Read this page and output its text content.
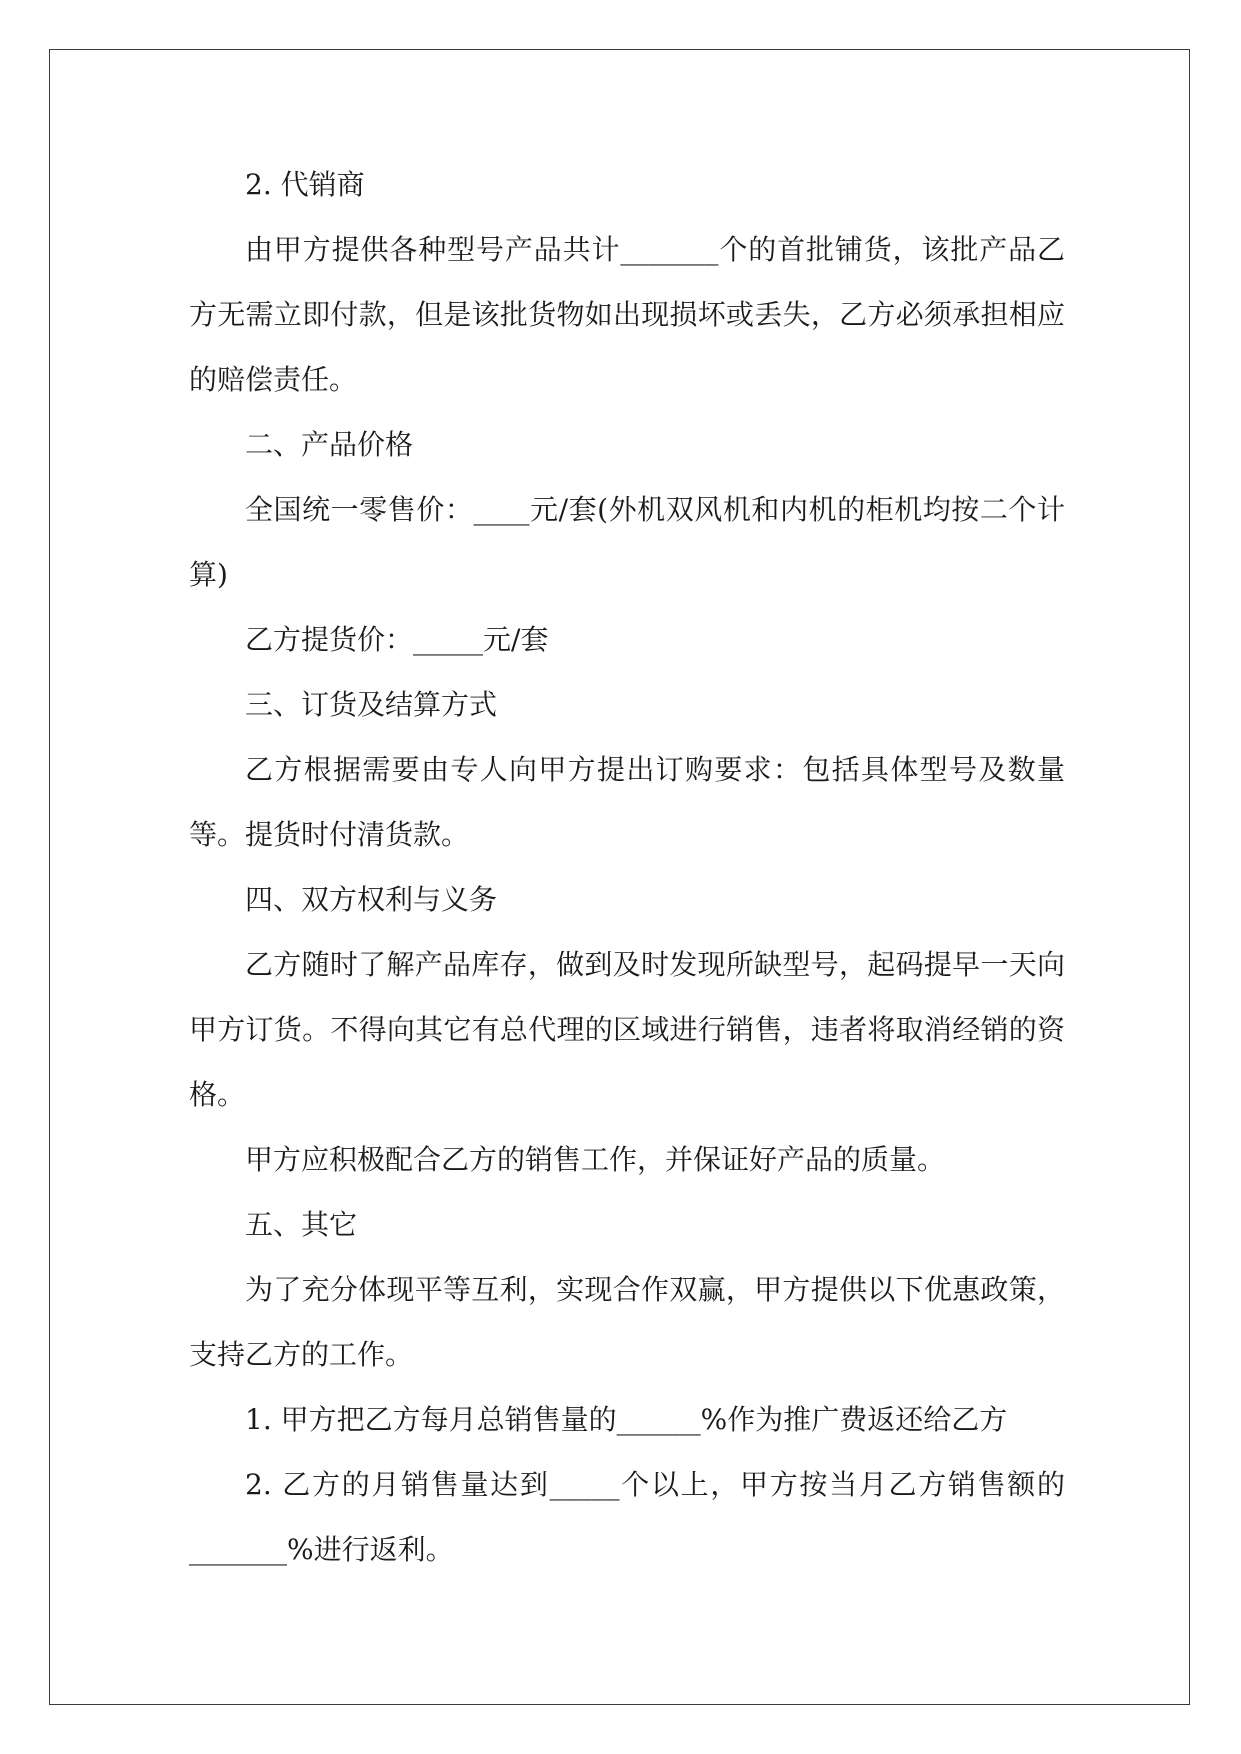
2. 代销商

由甲方提供各种型号产品共计_______个的首批铺货，该批产品乙方无需立即付款，但是该批货物如出现损坏或丢失，乙方必须承担相应的赔偿责任。

二、产品价格

全国统一零售价：____元/套(外机双风机和内机的柜机均按二个计算)

乙方提货价：_____元/套

三、订货及结算方式

乙方根据需要由专人向甲方提出订购要求：包括具体型号及数量等。提货时付清货款。

四、双方权利与义务

乙方随时了解产品库存，做到及时发现所缺型号，起码提早一天向甲方订货。不得向其它有总代理的区域进行销售，违者将取消经销的资格。

甲方应积极配合乙方的销售工作，并保证好产品的质量。

五、其它

为了充分体现平等互利，实现合作双赢，甲方提供以下优惠政策，支持乙方的工作。

1. 甲方把乙方每月总销售量的______%作为推广费返还给乙方

2. 乙方的月销售量达到_____个以上，甲方按当月乙方销售额的_______%进行返利。
